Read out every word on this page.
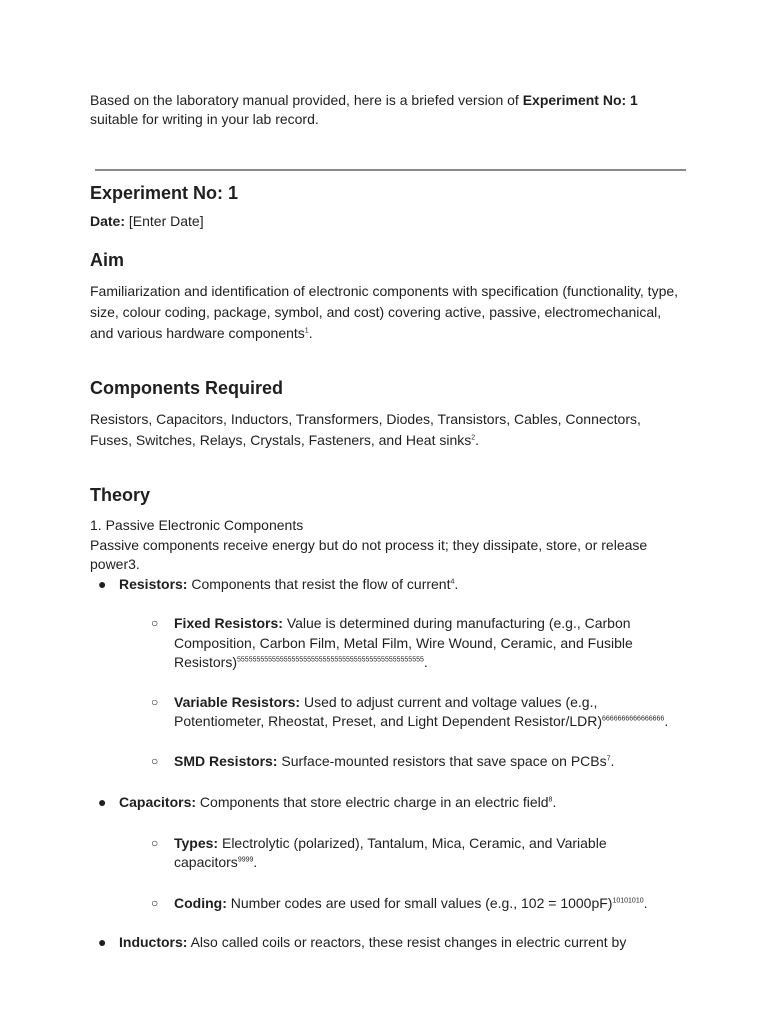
Based on the laboratory manual provided, here is a briefed version of Experiment No: 1 suitable for writing in your lab record.

Experiment No: 1

Date: [Enter Date]

Aim

Familiarization and identification of electronic components with specification (functionality, type, size, colour coding, package, symbol, and cost) covering active, passive, electromechanical, and various hardware components$^1$.

Components Required

Resistors, Capacitors, Inductors, Transformers, Diodes, Transistors, Cables, Connectors, Fuses, Switches, Relays, Crystals, Fasteners, and Heat sinks$^2$.

Theory

1. Passive Electronic Components

Passive components receive energy but do not process it; they dissipate, store, or release power3.

● Resistors: Components that resist the flow of current$^4$.
○ Fixed Resistors: Value is determined during manufacturing (e.g., Carbon Composition, Carbon Film, Metal Film, Wire Wound, Ceramic, and Fusible Resistors)$^{555555555555555555555555555555555555555555555555}$.
○ Variable Resistors: Used to adjust current and voltage values (e.g., Potentiometer, Rheostat, Preset, and Light Dependent Resistor/LDR)$^{6666666666666666}$.
○ SMD Resistors: Surface-mounted resistors that save space on PCBs$^7$.
● Capacitors: Components that store electric charge in an electric field$^8$.
○ Types: Electrolytic (polarized), Tantalum, Mica, Ceramic, and Variable capacitors$^{9999}$.
○ Coding: Number codes are used for small values (e.g., 102 = 1000pF)$^{10101010}$.
● Inductors: Also called coils or reactors, these resist changes in electric current by
